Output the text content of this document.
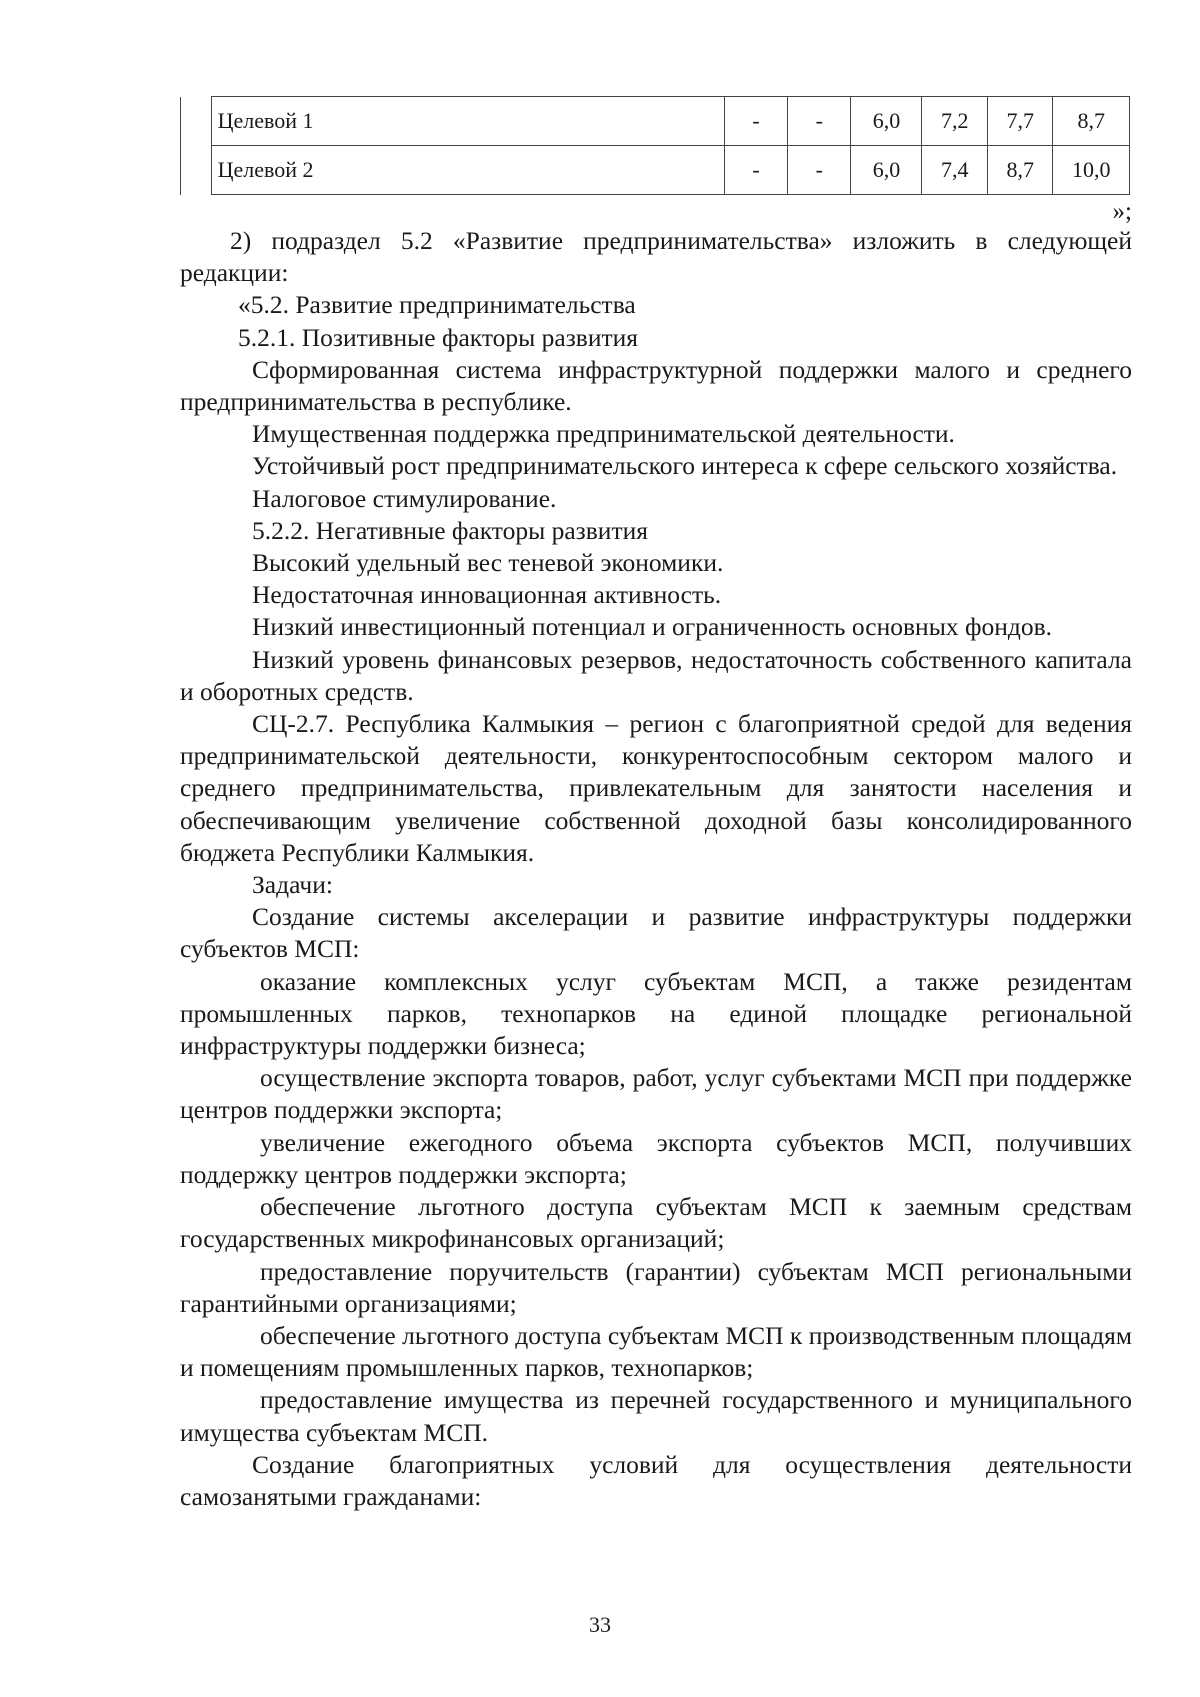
	Целевой 1	-	-	6,0	7,2	7,7	8,7
	Целевой 2	-	-	6,0	7,4	8,7	10,0
»;

2) подраздел 5.2 «Развитие предпринимательства» изложить в следующей редакции:

«5.2. Развитие предпринимательства

5.2.1. Позитивные факторы развития

Сформированная система инфраструктурной поддержки малого и среднего предпринимательства в республике.

Имущественная поддержка предпринимательской деятельности.

Устойчивый рост предпринимательского интереса к сфере сельского хозяйства.

Налоговое стимулирование.

5.2.2. Негативные факторы развития

Высокий удельный вес теневой экономики.

Недостаточная инновационная активность.

Низкий инвестиционный потенциал и ограниченность основных фондов.

Низкий уровень финансовых резервов, недостаточность собственного капитала и оборотных средств.

СЦ-2.7. Республика Калмыкия – регион с благоприятной средой для ведения предпринимательской деятельности, конкурентоспособным сектором малого и среднего предпринимательства, привлекательным для занятости населения и обеспечивающим увеличение собственной доходной базы консолидированного бюджета Республики Калмыкия.

Задачи:

Создание системы акселерации и развитие инфраструктуры поддержки субъектов МСП:

оказание комплексных услуг субъектам МСП, а также резидентам промышленных парков, технопарков на единой площадке региональной инфраструктуры поддержки бизнеса;

осуществление экспорта товаров, работ, услуг субъектами МСП при поддержке центров поддержки экспорта;

увеличение ежегодного объема экспорта субъектов МСП, получивших поддержку центров поддержки экспорта;

обеспечение льготного доступа субъектам МСП к заемным средствам государственных микрофинансовых организаций;

предоставление поручительств (гарантии) субъектам МСП региональными гарантийными организациями;

обеспечение льготного доступа субъектам МСП к производственным площадям и помещениям промышленных парков, технопарков;

предоставление имущества из перечней государственного и муниципального имущества субъектам МСП.

Создание благоприятных условий для осуществления деятельности самозанятыми гражданами:

33
